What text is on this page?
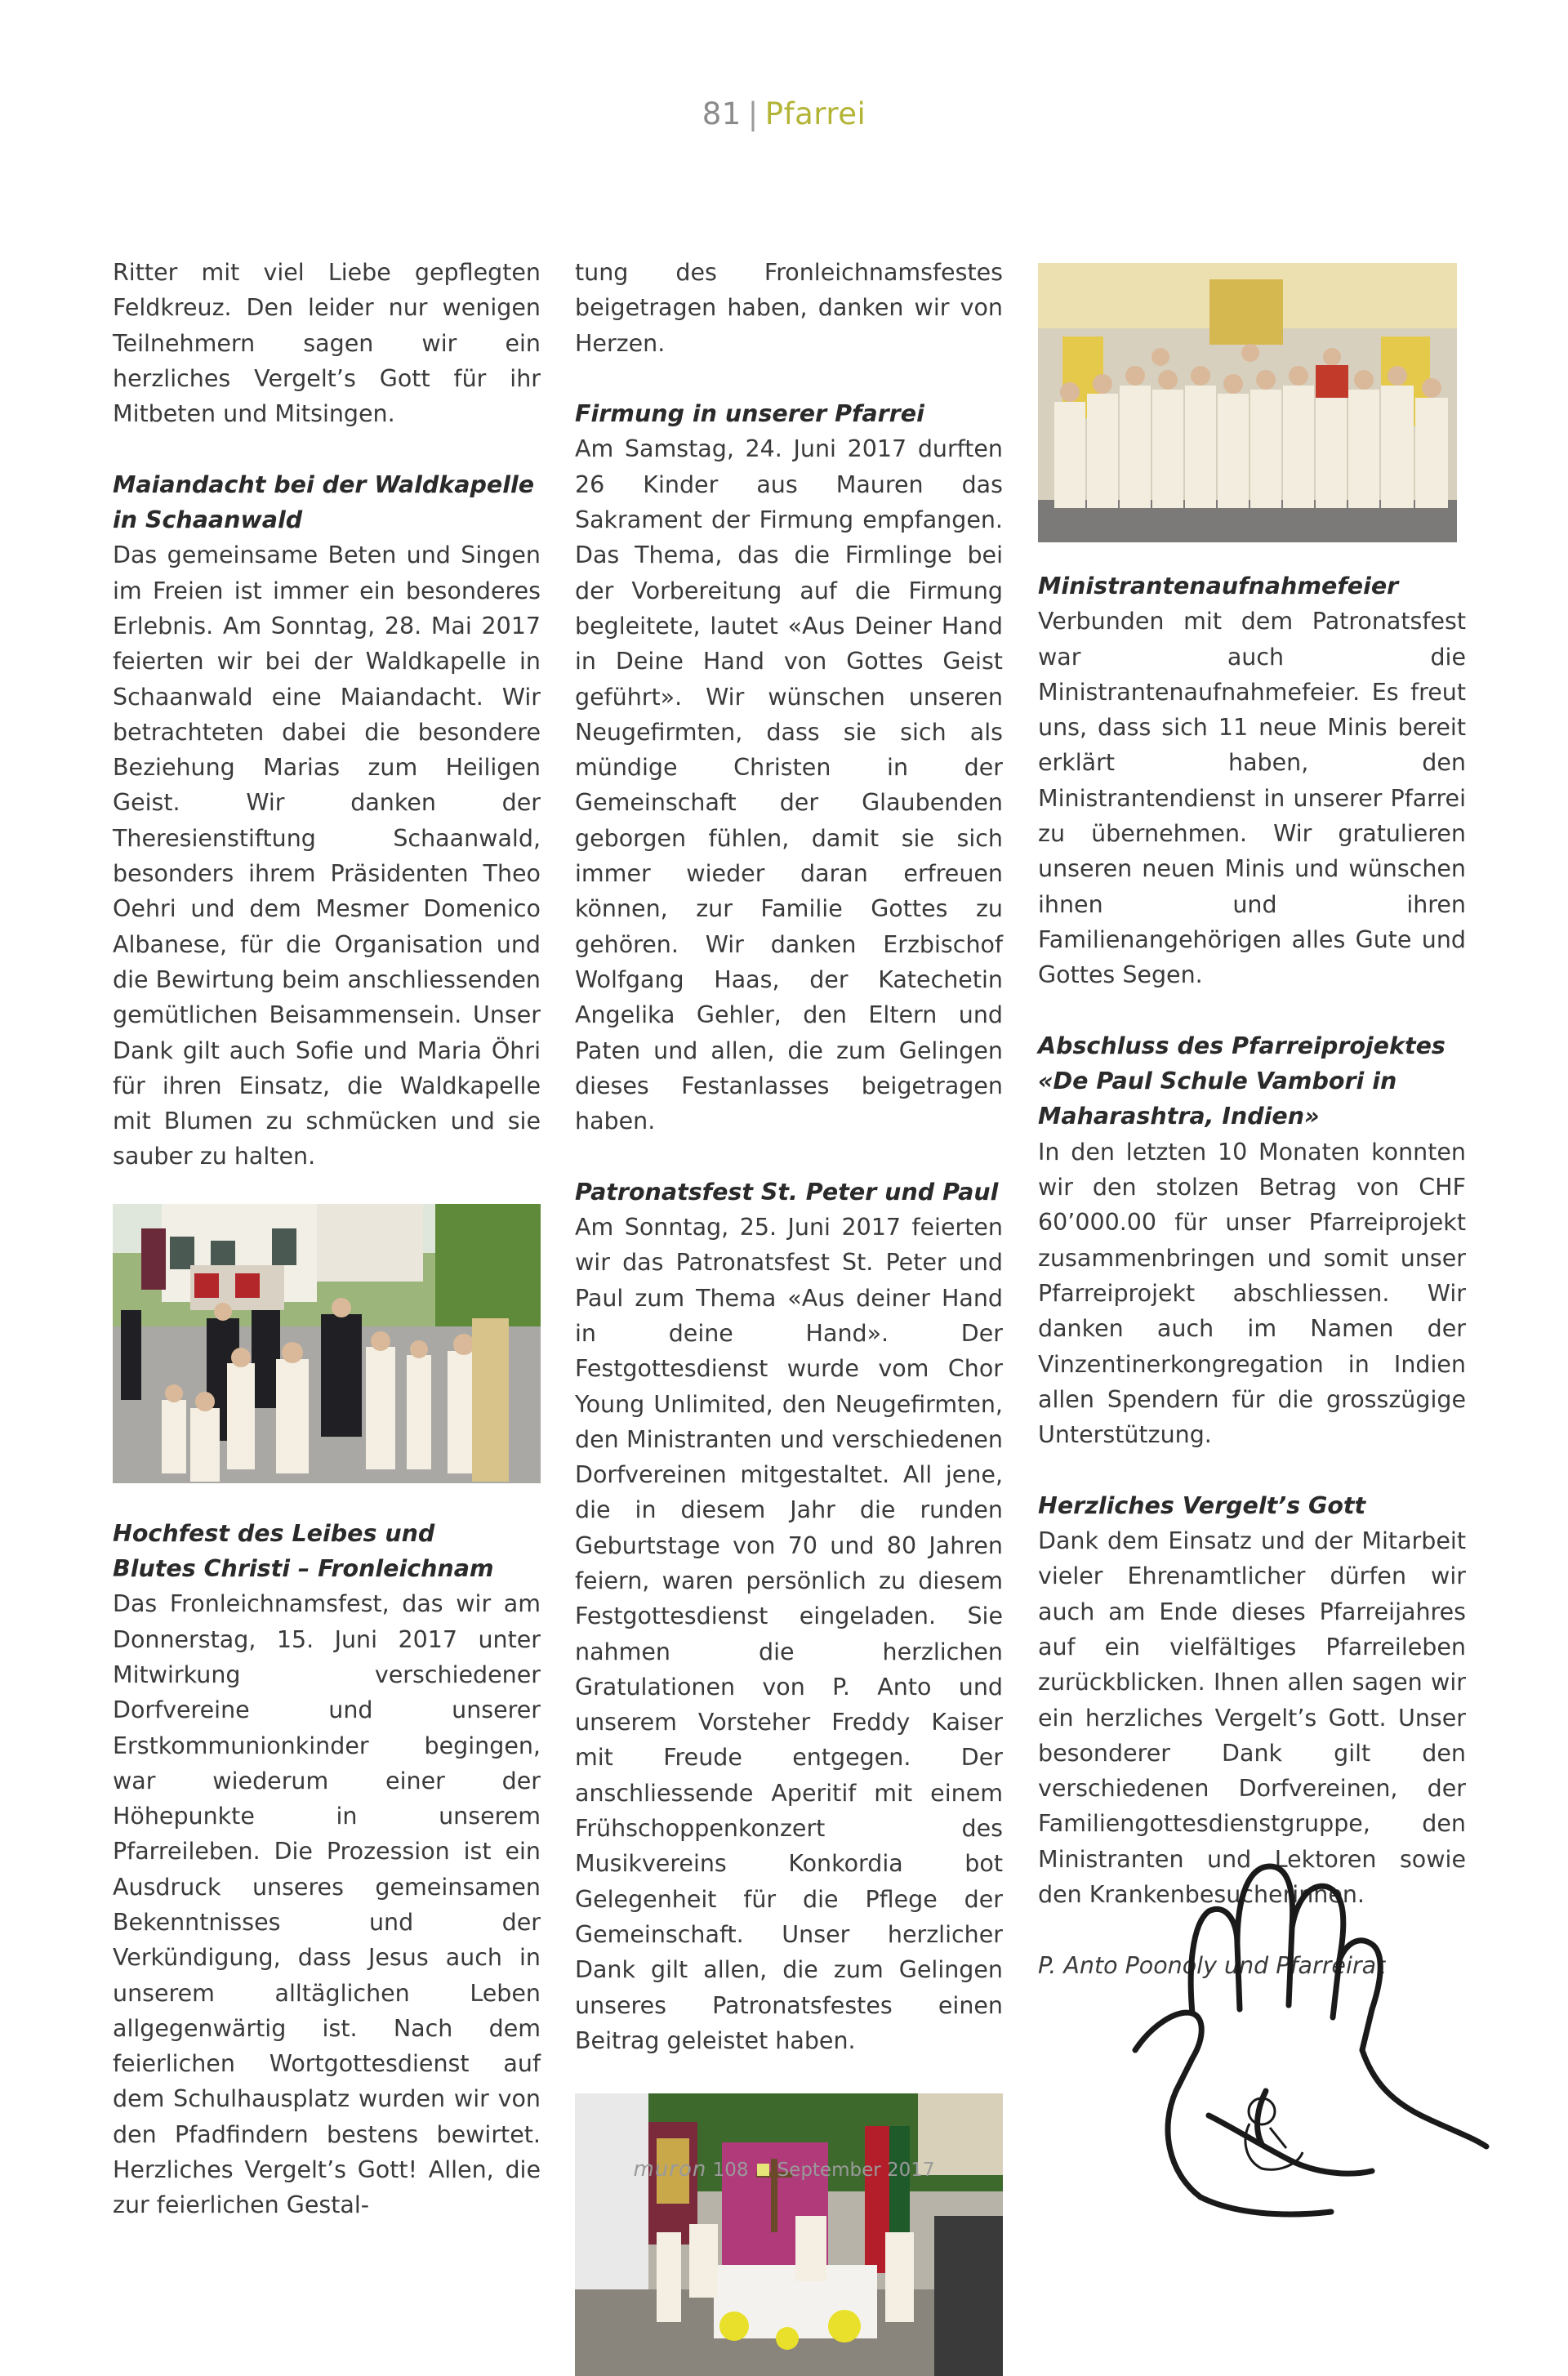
81 | Pfarrei

Ritter mit viel Liebe gepflegten Feldkreuz. Den leider nur wenigen Teilnehmern sagen wir ein herzliches Vergelt’s Gott für ihr Mitbeten und Mitsingen.

Maiandacht bei der Waldkapelle in Schaanwald

Das gemeinsame Beten und Singen im Freien ist immer ein besonderes Erlebnis. Am Sonntag, 28. Mai 2017 feierten wir bei der Waldkapelle in Schaanwald eine Maiandacht. Wir betrachteten dabei die besondere Beziehung Marias zum Heiligen Geist. Wir danken der Theresienstiftung Schaanwald, besonders ihrem Präsidenten Theo Oehri und dem Mesmer Domenico Albanese, für die Organisation und die Bewirtung beim anschliessenden gemütlichen Beisammensein. Unser Dank gilt auch Sofie und Maria Öhri für ihren Einsatz, die Waldkapelle mit Blumen zu schmücken und sie sauber zu halten.

Hochfest des Leibes und
Blutes Christi – Fronleichnam

Das Fronleichnamsfest, das wir am Donnerstag, 15. Juni 2017 unter Mitwirkung verschiedener Dorfvereine und unserer Erstkommunionkinder begingen, war wiederum einer der Höhepunkte in unserem Pfarreileben. Die Prozession ist ein Ausdruck unseres gemeinsamen Bekenntnisses und der Verkündigung, dass Jesus auch in unserem alltäglichen Leben allgegenwärtig ist. Nach dem feierlichen Wortgottesdienst auf dem Schulhausplatz wurden wir von den Pfadfindern bestens bewirtet. Herzliches Vergelt’s Gott! Allen, die zur feierlichen Gestal-

tung des Fronleichnamsfestes beigetragen haben, danken wir von Herzen.

Firmung in unserer Pfarrei

Am Samstag, 24. Juni 2017 durften 26 Kinder aus Mauren das Sakrament der Firmung empfangen. Das Thema, das die Firmlinge bei der Vorbereitung auf die Firmung begleitete, lautet «Aus Deiner Hand in Deine Hand von Gottes Geist geführt». Wir wünschen unseren Neugefirmten, dass sie sich als mündige Christen in der Gemeinschaft der Glaubenden geborgen fühlen, damit sie sich immer wieder daran erfreuen können, zur Familie Gottes zu gehören. Wir danken Erzbischof Wolfgang Haas, der Katechetin Angelika Gehler, den Eltern und Paten und allen, die zum Gelingen dieses Festanlasses beigetragen haben.

Patronatsfest St. Peter und Paul

Am Sonntag, 25. Juni 2017 feierten wir das Patronatsfest St. Peter und Paul zum Thema «Aus deiner Hand in deine Hand». Der Festgottesdienst wurde vom Chor Young Unlimited, den Neugefirmten, den Ministranten und verschiedenen Dorfvereinen mitgestaltet. All jene, die in diesem Jahr die runden Geburtstage von 70 und 80 Jahren feiern, waren persönlich zu diesem Festgottesdienst eingeladen. Sie nahmen die herzlichen Gratulationen von P. Anto und unserem Vorsteher Freddy Kaiser mit Freude entgegen. Der anschliessende Aperitif mit einem Frühschoppenkonzert des Musikvereins Konkordia bot Gelegenheit für die Pflege der Gemeinschaft. Unser herzlicher Dank gilt allen, die zum Gelingen unseres Patronatsfestes einen Beitrag geleistet haben.

Ministrantenaufnahmefeier

Verbunden mit dem Patronatsfest war auch die Ministrantenaufnahmefeier. Es freut uns, dass sich 11 neue Minis bereit erklärt haben, den Ministrantendienst in unserer Pfarrei zu übernehmen. Wir gratulieren unseren neuen Minis und wünschen ihnen und ihren Familienangehörigen alles Gute und Gottes Segen.

Abschluss des Pfarreiprojektes «De Paul Schule Vambori in Maharashtra, Indien»

In den letzten 10 Monaten konnten wir den stolzen Betrag von CHF 60’000.00 für unser Pfarreiprojekt zusammenbringen und somit unser Pfarreiprojekt abschliessen. Wir danken auch im Namen der Vinzentinerkongregation in Indien allen Spendern für die grosszügige Unterstützung.

Herzliches Vergelt’s Gott

Dank dem Einsatz und der Mitarbeit vieler Ehrenamtlicher dürfen wir auch am Ende dieses Pfarreijahres auf ein vielfältiges Pfarreileben zurückblicken. Ihnen allen sagen wir ein herzliches Vergelt’s Gott. Unser besonderer Dank gilt den verschiedenen Dorfvereinen, der Familiengottesdienstgruppe, den Ministranten und Lektoren sowie den Krankenbesucherinnen.

P. Anto Poonoly und Pfarreirat

muron 108 September 2017
